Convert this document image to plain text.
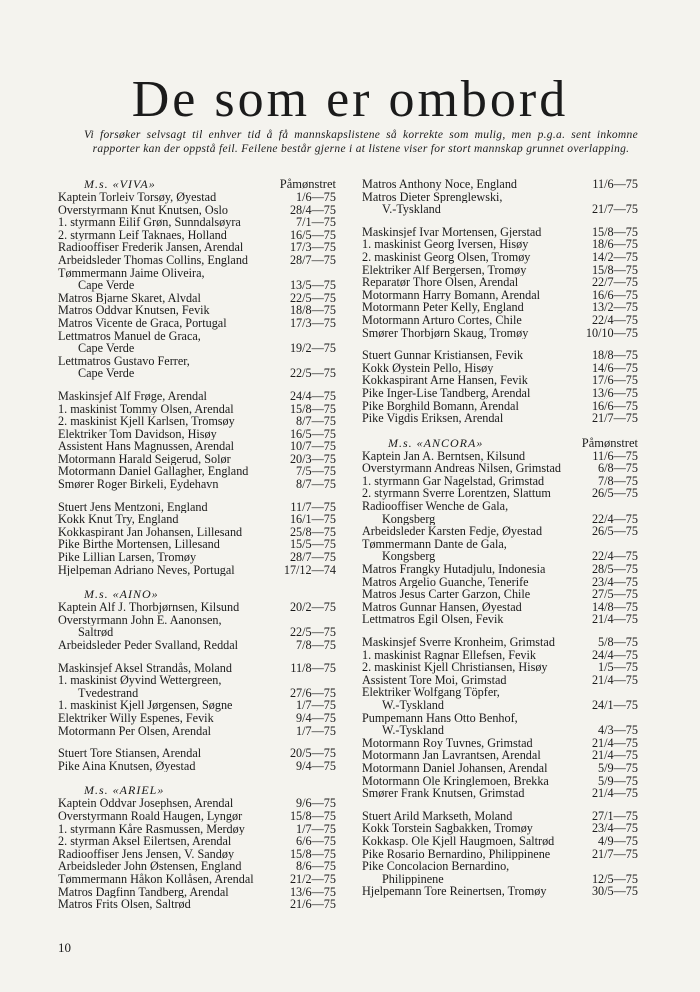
De som er ombord
Vi forsøker selvsagt til enhver tid å få mannskapslistene så korrekte som mulig, men p.g.a. sent inkomne rapporter kan der oppstå feil. Feilene består gjerne i at listene viser for stort mannskap grunnet overlapping.
M.s. «VIVA»	Påmønstret
Kaptein Torleiv Torsøy, Øyestad	1/6—75
Overstyrmann Knut Knutsen, Oslo	28/4—75
1. styrmann Eilif Grøn, Sunndalsøyra	7/1—75
2. styrmann Leif Taknaes, Holland	16/5—75
Radiooffiser Frederik Jansen, Arendal	17/3—75
Arbeidsleder Thomas Collins, England	28/7—75
Tømmermann Jaime Oliveira,
Cape Verde	13/5—75
Matros Bjarne Skaret, Alvdal	22/5—75
Matros Oddvar Knutsen, Fevik	18/8—75
Matros Vicente de Graca, Portugal	17/3—75
Lettmatros Manuel de Graca,
Cape Verde	19/2—75
Lettmatros Gustavo Ferrer,
Cape Verde	22/5—75
Maskinsjef Alf Frøge, Arendal	24/4—75
1. maskinist Tommy Olsen, Arendal	15/8—75
2. maskinist Kjell Karlsen, Tromsøy	8/7—75
Elektriker Tom Davidson, Hisøy	16/5—75
Assistent Hans Magnussen, Arendal	10/7—75
Motormann Harald Seigerud, Solør	20/3—75
Motormann Daniel Gallagher, England	7/5—75
Smører Roger Birkeli, Eydehavn	8/7—75
Stuert Jens Mentzoni, England	11/7—75
Kokk Knut Try, England	16/1—75
Kokkaspirant Jan Johansen, Lillesand	25/8—75
Pike Birthe Mortensen, Lillesand	15/5—75
Pike Lillian Larsen, Tromøy	28/7—75
Hjelpeman Adriano Neves, Portugal	17/12—74
M.s. «AINO»
Kaptein Alf J. Thorbjørnsen, Kilsund	20/2—75
Overstyrmann John E. Aanonsen,
Saltrød	22/5—75
Arbeidsleder Peder Svalland, Reddal	7/8—75
Maskinsjef Aksel Strandås, Moland	11/8—75
1. maskinist Øyvind Wettergreen,
Tvedestrand	27/6—75
1. maskinist Kjell Jørgensen, Søgne	1/7—75
Elektriker Willy Espenes, Fevik	9/4—75
Motormann Per Olsen, Arendal	1/7—75
Stuert Tore Stiansen, Arendal	20/5—75
Pike Aina Knutsen, Øyestad	9/4—75
M.s. «ARIEL»
Kaptein Oddvar Josephsen, Arendal	9/6—75
Overstyrmann Roald Haugen, Lyngør	15/8—75
1. styrmann Kåre Rasmussen, Merdøy	1/7—75
2. styrman Aksel Eilertsen, Arendal	6/6—75
Radiooffiser Jens Jensen, V. Sandøy	15/8—75
Arbeidsleder John Østensen, England	8/6—75
Tømmermann Håkon Kollåsen, Arendal	21/2—75
Matros Dagfinn Tandberg, Arendal	13/6—75
Matros Frits Olsen, Saltrød	21/6—75
Matros Anthony Noce, England	11/6—75
Matros Dieter Sprenglewski,
V.-Tyskland	21/7—75
Maskinsjef Ivar Mortensen, Gjerstad	15/8—75
1. maskinist Georg Iversen, Hisøy	18/6—75
2. maskinist Georg Olsen, Tromøy	14/2—75
Elektriker Alf Bergersen, Tromøy	15/8—75
Reparatør Thore Olsen, Arendal	22/7—75
Motormann Harry Bomann, Arendal	16/6—75
Motormann Peter Kelly, England	13/2—75
Motormann Arturo Cortes, Chile	22/4—75
Smører Thorbjørn Skaug, Tromøy	10/10—75
Stuert Gunnar Kristiansen, Fevik	18/8—75
Kokk Øystein Pello, Hisøy	14/6—75
Kokkaspirant Arne Hansen, Fevik	17/6—75
Pike Inger-Lise Tandberg, Arendal	13/6—75
Pike Borghild Bomann, Arendal	16/6—75
Pike Vigdis Eriksen, Arendal	21/7—75
M.s. «ANCORA»	Påmønstret
Kaptein Jan A. Berntsen, Kilsund	11/6—75
Overstyrmann Andreas Nilsen, Grimstad	6/8—75
1. styrmann Gar Nagelstad, Grimstad	7/8—75
2. styrmann Sverre Lorentzen, Slattum	26/5—75
Radiooffiser Wenche de Gala,
Kongsberg	22/4—75
Arbeidsleder Karsten Fedje, Øyestad	26/5—75
Tømmermann Dante de Gala,
Kongsberg	22/4—75
Matros Frangky Hutadjulu, Indonesia	28/5—75
Matros Argelio Guanche, Tenerife	23/4—75
Matros Jesus Carter Garzon, Chile	27/5—75
Matros Gunnar Hansen, Øyestad	14/8—75
Lettmatros Egil Olsen, Fevik	21/4—75
Maskinsjef Sverre Kronheim, Grimstad	5/8—75
1. maskinist Ragnar Ellefsen, Fevik	24/4—75
2. maskinist Kjell Christiansen, Hisøy	1/5—75
Assistent Tore Moi, Grimstad	21/4—75
Elektriker Wolfgang Töpfer,
W.-Tyskland	24/1—75
Pumpemann Hans Otto Benhof,
W.-Tyskland	4/3—75
Motormann Roy Tuvnes, Grimstad	21/4—75
Motormann Jan Lavrantsen, Arendal	21/4—75
Motormann Daniel Johansen, Arendal	5/9—75
Motormann Ole Kringlemoen, Brekka	5/9—75
Smører Frank Knutsen, Grimstad	21/4—75
Stuert Arild Markseth, Moland	27/1—75
Kokk Torstein Sagbakken, Tromøy	23/4—75
Kokkasp. Ole Kjell Haugmoen, Saltrød	4/9—75
Pike Rosario Bernardino, Philippinene	21/7—75
Pike Concolacion Bernardino,
Philippinene	12/5—75
Hjelpemann Tore Reinertsen, Tromøy	30/5—75
10
